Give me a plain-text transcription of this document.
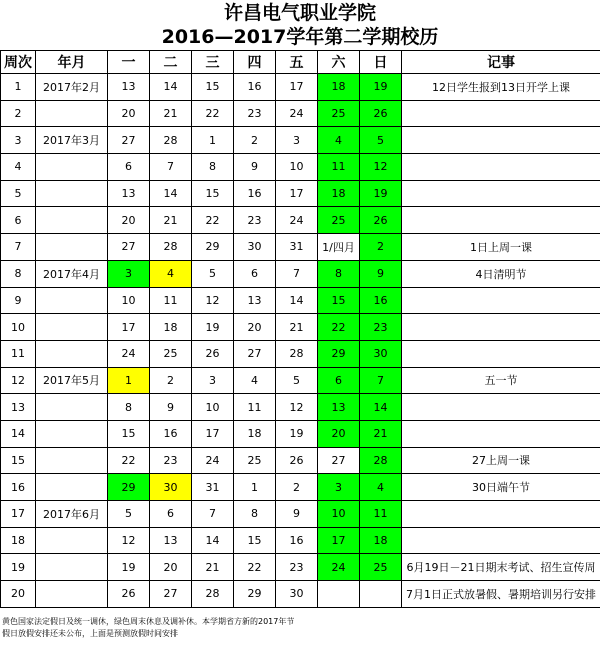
许昌电气职业学院
2016—2017学年第二学期校历
周次	年月	一	二	三	四	五	六	日	记事
1	2017年2月	13	14	15	16	17	18	19	12日学生报到13日开学上课
2		20	21	22	23	24	25	26	
3	2017年3月	27	28	1	2	3	4	5	
4		6	7	8	9	10	11	12	
5		13	14	15	16	17	18	19	
6		20	21	22	23	24	25	26	
7		27	28	29	30	31	1/四月	2	1日上周一课
8	2017年4月	3	4	5	6	7	8	9	4日清明节
9		10	11	12	13	14	15	16	
10		17	18	19	20	21	22	23	
11		24	25	26	27	28	29	30	
12	2017年5月	1	2	3	4	5	6	7	五一节
13		8	9	10	11	12	13	14	
14		15	16	17	18	19	20	21	
15		22	23	24	25	26	27	28	27上周一课
16		29	30	31	1	2	3	4	30日端午节
17	2017年6月	5	6	7	8	9	10	11	
18		12	13	14	15	16	17	18	
19		19	20	21	22	23	24	25	6月19日－21日期末考试、招生宣传周
20		26	27	28	29	30			7月1日正式放暑假、暑期培训另行安排
黄色国家法定假日及统一调休，绿色周末休息及调补休。本学期省方新的2017年节
假日放假安排还未公布，上面是预测放假时间安排
